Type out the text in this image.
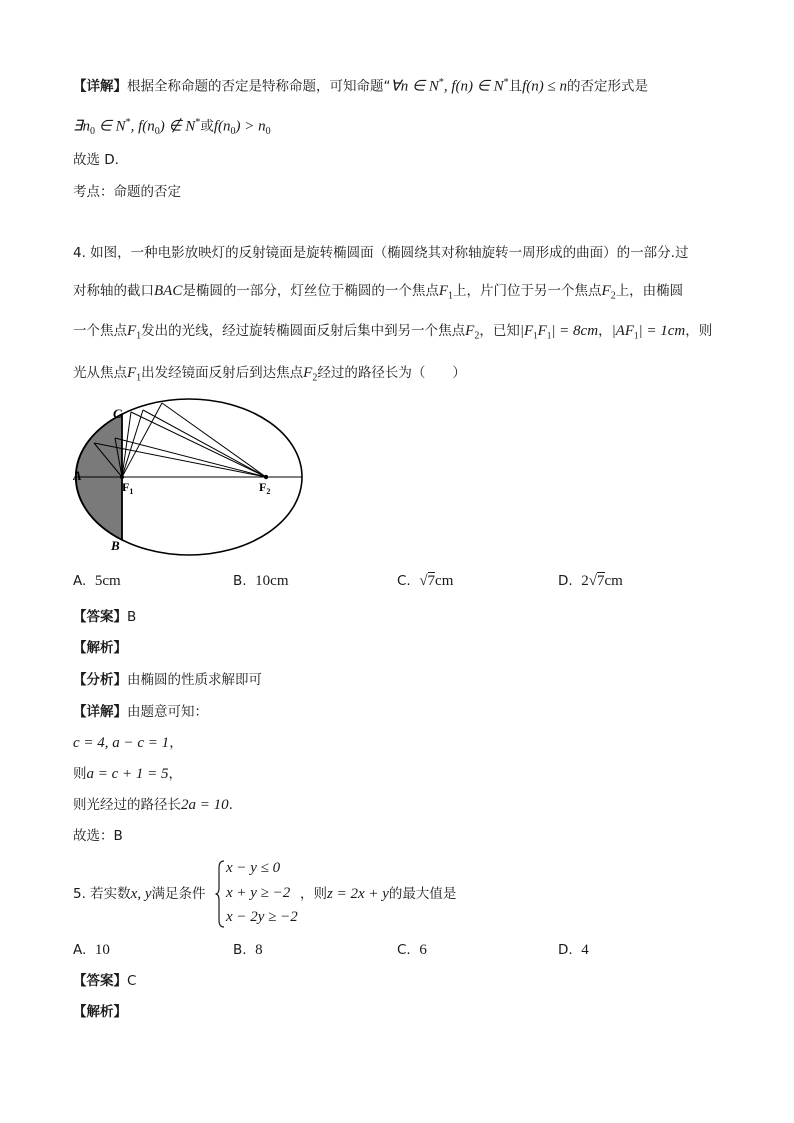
【详解】根据全称命题的否定是特称命题，可知命题“∀n ∈ N*, f(n) ∈ N*且f(n) ≤ n的否定形式是
$\exists n_0$ ∈ N*, $f(n_0)$ ∉ N*或$f(n_0) > n_0$
故选 D.
考点：命题的否定
4. 如图，一种电影放映灯的反射镜面是旋转椭圆面（椭圆绕其对称轴旋转一周形成的曲面）的一部分.过
对称轴的截口BAC是椭圆的一部分，灯丝位于椭圆的一个焦点$F_1$上，片门位于另一个焦点$F_2$上，由椭圆
一个焦点$F_1$发出的光线，经过旋转椭圆面反射后集中到另一个焦点$F_2$，已知$|F_1F_1| = 8cm$，$|AF_1| = 1cm$，则
光从焦点$F_1$出发经镜面反射后到达焦点$F_2$经过的路径长为（　　）
C
A
B
$F_1$	$F_2$
A. 5cm	B. 10cm	C. √7cm	D. 2√7cm
【答案】B
【解析】
【分析】由椭圆的性质求解即可
【详解】由题意可知：
c = 4, a − c = 1，
则a = c + 1 = 5，
则光经过的路径长2a = 10.
故选：B
5. 若实数x, y满足条件
x − y ≤ 0
x + y ≥ −2
x − 2y ≥ −2
，则z = 2x + y的最大值是
A. 10	B. 8	C. 6	D. 4
【答案】C
【解析】
